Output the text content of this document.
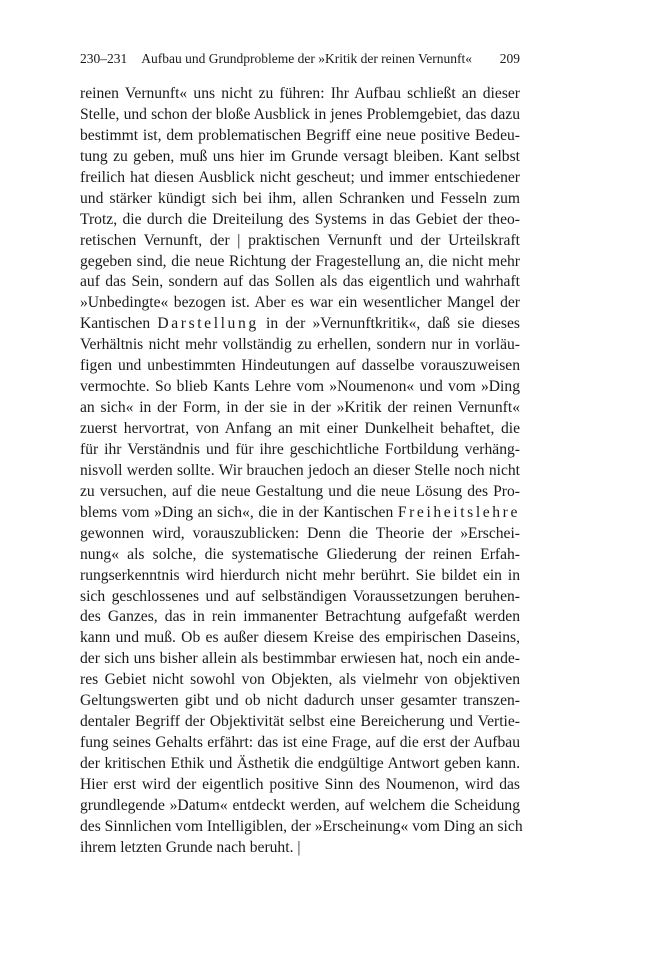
230–231 Aufbau und Grundprobleme der »Kritik der reinen Vernunft« 209
reinen Vernunft« uns nicht zu führen: Ihr Aufbau schließt an dieser
Stelle, und schon der bloße Ausblick in jenes Problemgebiet, das dazu
bestimmt ist, dem problematischen Begriff eine neue positive Bedeu-
tung zu geben, muß uns hier im Grunde versagt bleiben. Kant selbst
freilich hat diesen Ausblick nicht gescheut; und immer entschiedener
und stärker kündigt sich bei ihm, allen Schranken und Fesseln zum
Trotz, die durch die Dreiteilung des Systems in das Gebiet der theo-
retischen Vernunft, der | praktischen Vernunft und der Urteilskraft
gegeben sind, die neue Richtung der Fragestellung an, die nicht mehr
auf das Sein, sondern auf das Sollen als das eigentlich und wahrhaft
»Unbedingte« bezogen ist. Aber es war ein wesentlicher Mangel der
Kantischen Darstellung in der »Vernunftkritik«, daß sie dieses
Verhältnis nicht mehr vollständig zu erhellen, sondern nur in vorläu-
figen und unbestimmten Hindeutungen auf dasselbe vorauszuweisen
vermochte. So blieb Kants Lehre vom »Noumenon« und vom »Ding
an sich« in der Form, in der sie in der »Kritik der reinen Vernunft«
zuerst hervortrat, von Anfang an mit einer Dunkelheit behaftet, die
für ihr Verständnis und für ihre geschichtliche Fortbildung verhäng-
nisvoll werden sollte. Wir brauchen jedoch an dieser Stelle noch nicht
zu versuchen, auf die neue Gestaltung und die neue Lösung des Pro-
blems vom »Ding an sich«, die in der Kantischen Freiheitslehre
gewonnen wird, vorauszublicken: Denn die Theorie der »Erschei-
nung« als solche, die systematische Gliederung der reinen Erfah-
rungserkenntnis wird hierdurch nicht mehr berührt. Sie bildet ein in
sich geschlossenes und auf selbständigen Voraussetzungen beruhen-
des Ganzes, das in rein immanenter Betrachtung aufgefaßt werden
kann und muß. Ob es außer diesem Kreise des empirischen Daseins,
der sich uns bisher allein als bestimmbar erwiesen hat, noch ein ande-
res Gebiet nicht sowohl von Objekten, als vielmehr von objektiven
Geltungswerten gibt und ob nicht dadurch unser gesamter transzen-
dentaler Begriff der Objektivität selbst eine Bereicherung und Vertie-
fung seines Gehalts erfährt: das ist eine Frage, auf die erst der Aufbau
der kritischen Ethik und Ästhetik die endgültige Antwort geben kann.
Hier erst wird der eigentlich positive Sinn des Noumenon, wird das
grundlegende »Datum« entdeckt werden, auf welchem die Scheidung
des Sinnlichen vom Intelligiblen, der »Erscheinung« vom Ding an sich
ihrem letzten Grunde nach beruht. |
